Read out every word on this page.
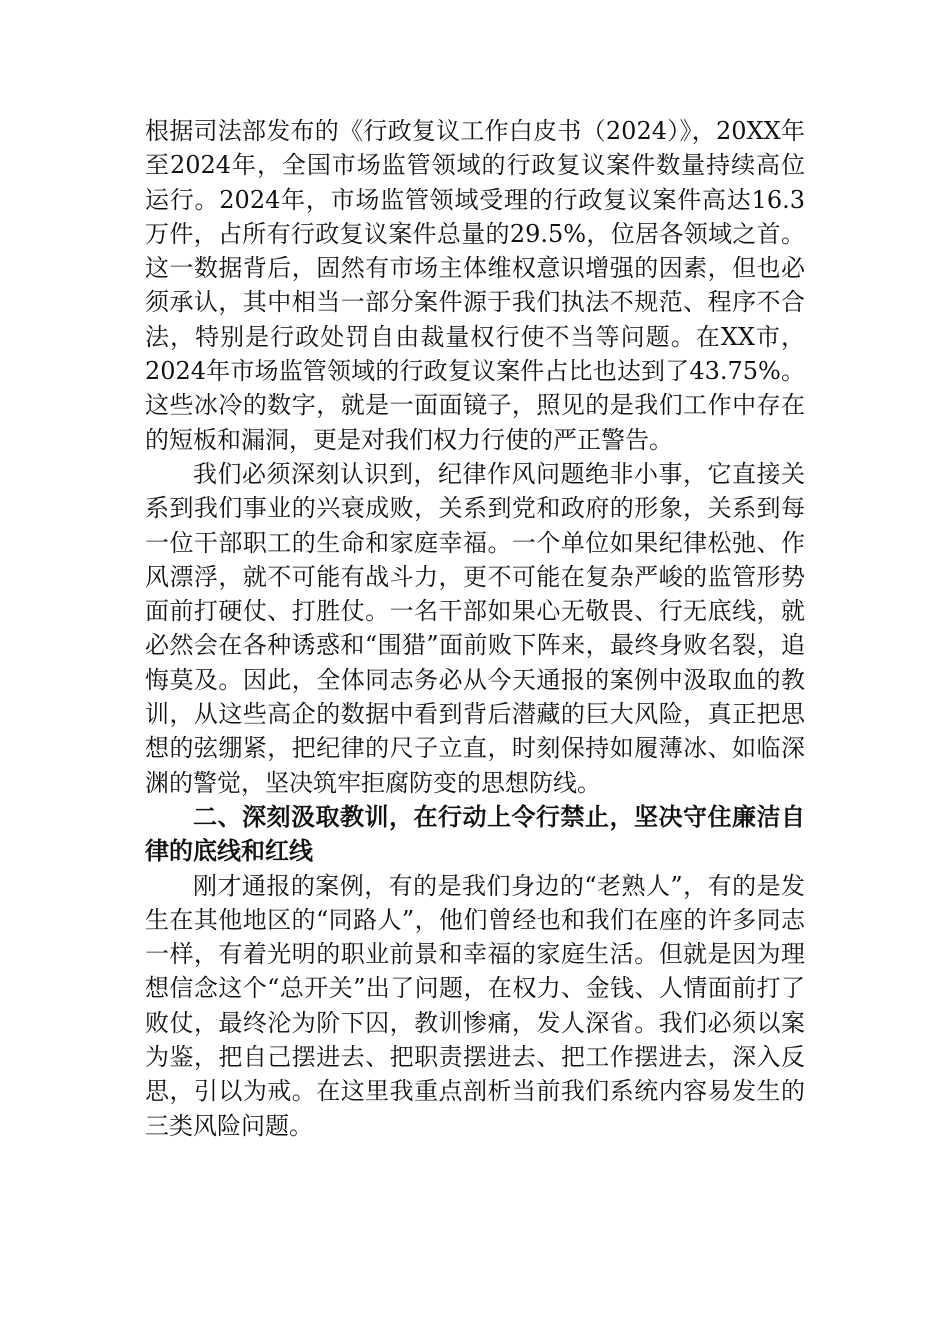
根据司法部发布的《行政复议工作白皮书（2024）》，20XX年至2024年，全国市场监管领域的行政复议案件数量持续高位运行。2024年，市场监管领域受理的行政复议案件高达16.3万件，占所有行政复议案件总量的29.5%，位居各领域之首。这一数据背后，固然有市场主体维权意识增强的因素，但也必须承认，其中相当一部分案件源于我们执法不规范、程序不合法，特别是行政处罚自由裁量权行使不当等问题。在XX市，2024年市场监管领域的行政复议案件占比也达到了43.75%。这些冰冷的数字，就是一面面镜子，照见的是我们工作中存在的短板和漏洞，更是对我们权力行使的严正警告。

我们必须深刻认识到，纪律作风问题绝非小事，它直接关系到我们事业的兴衰成败，关系到党和政府的形象，关系到每一位干部职工的生命和家庭幸福。一个单位如果纪律松弛、作风漂浮，就不可能有战斗力，更不可能在复杂严峻的监管形势面前打硬仗、打胜仗。一名干部如果心无敬畏、行无底线，就必然会在各种诱惑和“围猎”面前败下阵来，最终身败名裂，追悔莫及。因此，全体同志务必从今天通报的案例中汲取血的教训，从这些高企的数据中看到背后潜藏的巨大风险，真正把思想的弦绷紧，把纪律的尺子立直，时刻保持如履薄冰、如临深渊的警觉，坚决筑牢拒腐防变的思想防线。

二、深刻汲取教训，在行动上令行禁止，坚决守住廉洁自律的底线和红线

刚才通报的案例，有的是我们身边的“老熟人”，有的是发生在其他地区的“同路人”，他们曾经也和我们在座的许多同志一样，有着光明的职业前景和幸福的家庭生活。但就是因为理想信念这个“总开关”出了问题，在权力、金钱、人情面前打了败仗，最终沦为阶下囚，教训惨痛，发人深省。我们必须以案为鉴，把自己摆进去、把职责摆进去、把工作摆进去，深入反思，引以为戒。在这里我重点剖析当前我们系统内容易发生的三类风险问题。
